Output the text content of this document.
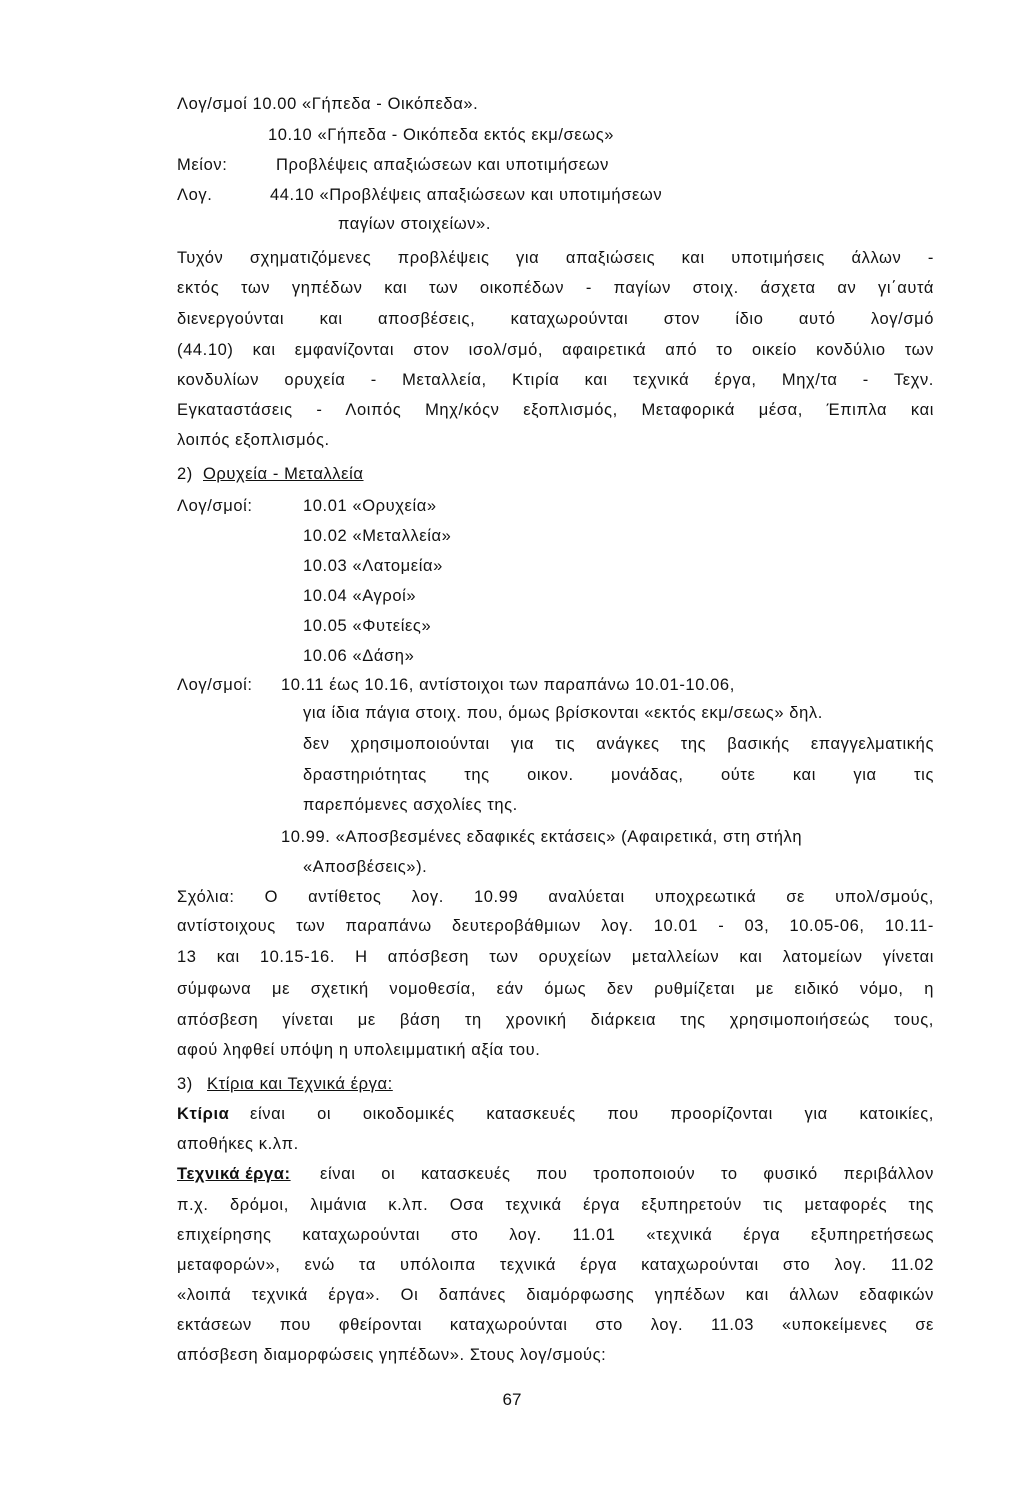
Λογ/σμοί 10.00 «Γήπεδα - Οικόπεδα».
10.10 «Γήπεδα - Οικόπεδα εκτός εκμ/σεως»
Μείον:	Προβλέψεις απαξιώσεων και υποτιμήσεων
Λογ.	44.10 «Προβλέψεις απαξιώσεων και υποτιμήσεων
παγίων στοιχείων».
Τυχόν σχηματιζόμενες προβλέψεις για απαξιώσεις και υποτιμήσεις άλλων -
εκτός των γηπέδων και των οικοπέδων - παγίων στοιχ. άσχετα αν γι΄αυτά
διενεργούνται και αποσβέσεις, καταχωρούνται στον ίδιο αυτό λογ/σμό
(44.10) και εμφανίζονται στον ισολ/σμό, αφαιρετικά από το οικείο κονδύλιο των
κονδυλίων ορυχεία - Μεταλλεία, Κτιρία και τεχνικά έργα, Μηχ/τα - Τεχν.
Εγκαταστάσεις - Λοιπός Μηχ/κόςν εξοπλισμός, Μεταφορικά μέσα, Έπιπλα και
λοιπός εξοπλισμός.
2) Ορυχεία - Μεταλλεία
Λογ/σμοί:	10.01 «Ορυχεία»
10.02 «Μεταλλεία»
10.03 «Λατομεία»
10.04 «Αγροί»
10.05 «Φυτείες»
10.06 «Δάση»
Λογ/σμοί: 10.11 έως 10.16, αντίστοιχοι των παραπάνω 10.01-10.06,
για ίδια πάγια στοιχ. που, όμως βρίσκονται «εκτός εκμ/σεως» δηλ.
δεν χρησιμοποιούνται για τις ανάγκες της βασικής επαγγελματικής
δραστηριότητας της οικον. μονάδας, ούτε και για τις
παρεπόμενες ασχολίες της.
10.99. «Αποσβεσμένες εδαφικές εκτάσεις» (Αφαιρετικά, στη στήλη
«Αποσβέσεις»).
Σχόλια: Ο αντίθετος λογ. 10.99 αναλύεται υποχρεωτικά σε υπολ/σμούς,
αντίστοιχους των παραπάνω δευτεροβάθμιων λογ. 10.01 - 03, 10.05-06, 10.11-
13 και 10.15-16. Η απόσβεση των ορυχείων μεταλλείων και λατομείων γίνεται
σύμφωνα με σχετική νομοθεσία, εάν όμως δεν ρυθμίζεται με ειδικό νόμο, η
απόσβεση γίνεται με βάση τη χρονική διάρκεια της χρησιμοποιήσεώς τους,
αφού ληφθεί υπόψη η υπολειμματική αξία του.
3) Κτίρια και Τεχνικά έργα:
Κτίρια είναι οι οικοδομικές κατασκευές που προορίζονται για κατοικίες,
αποθήκες κ.λπ.
Τεχνικά έργα: είναι οι κατασκευές που τροποποιούν το φυσικό περιβάλλον
π.χ. δρόμοι, λιμάνια κ.λπ. Οσα τεχνικά έργα εξυπηρετούν τις μεταφορές της
επιχείρησης καταχωρούνται στο λογ. 11.01 «τεχνικά έργα εξυπηρετήσεως
μεταφορών», ενώ τα υπόλοιπα τεχνικά έργα καταχωρούνται στο λογ. 11.02
«λοιπά τεχνικά έργα». Οι δαπάνες διαμόρφωσης γηπέδων και άλλων εδαφικών
εκτάσεων που φθείρονται καταχωρούνται στο λογ. 11.03 «υποκείμενες σε
απόσβεση διαμορφώσεις γηπέδων». Στους λογ/σμούς:
67
